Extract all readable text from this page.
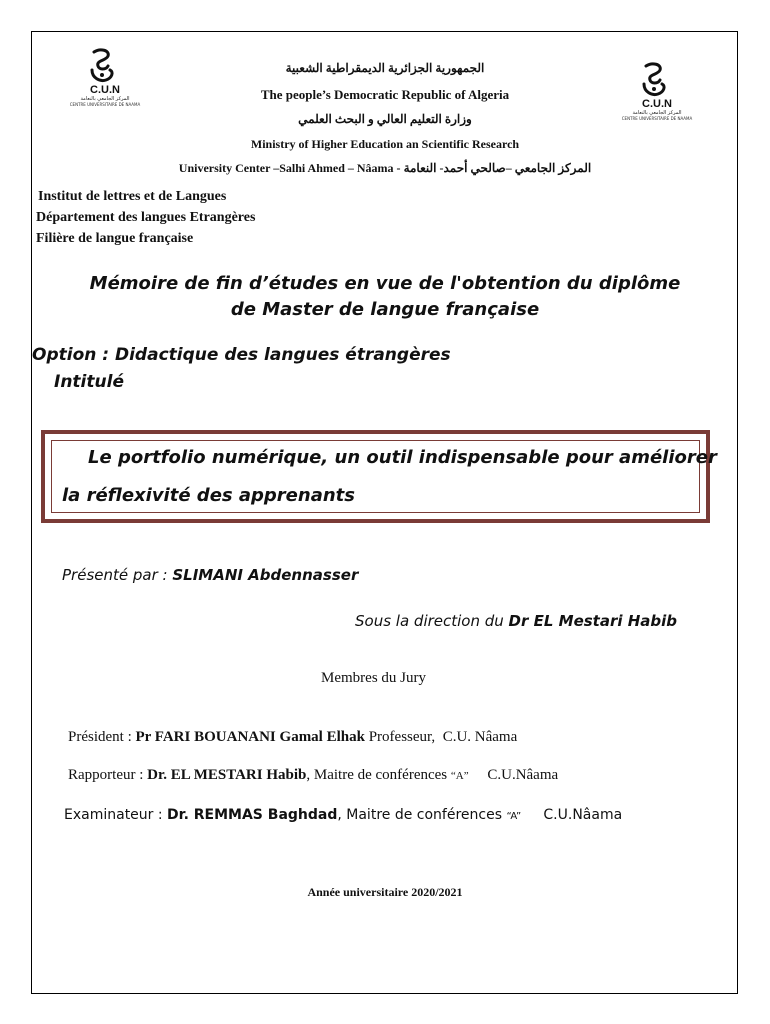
C.U.N
المركز الجامعي بالنعامة
CENTRE UNIVERSITAIRE DE NAAMA	C.U.N
المركز الجامعي بالنعامة
CENTRE UNIVERSITAIRE DE NAAMA
الجمهورية الجزائرية الديمقراطية الشعبية
The people’s Democratic Republic of Algeria
وزارة التعليم العالي و البحث العلمي
Ministry of Higher Education an Scientific Research
University Center –Salhi Ahmed – Nâama - المركز الجامعي –صالحي أحمد- النعامة
Institut de lettres et de Langues
Département des langues Etrangères
Filière de langue française
Mémoire de fin d’études en vue de l'obtention du diplôme
de Master de langue française
Option : Didactique des langues étrangères
Intitulé
Le portfolio numérique, un outil indispensable pour améliorer
la réflexivité des apprenants
Présenté par : SLIMANI Abdennasser
Sous la direction du Dr EL Mestari Habib
Membres du Jury
Président : Pr FARI BOUANANI Gamal Elhak Professeur, C.U. Nâama
Rapporteur : Dr. EL MESTARI Habib, Maitre de conférences “A” C.U.Nâama
Examinateur : Dr. REMMAS Baghdad, Maitre de conférences “A” C.U.Nâama
Année universitaire 2020/2021
